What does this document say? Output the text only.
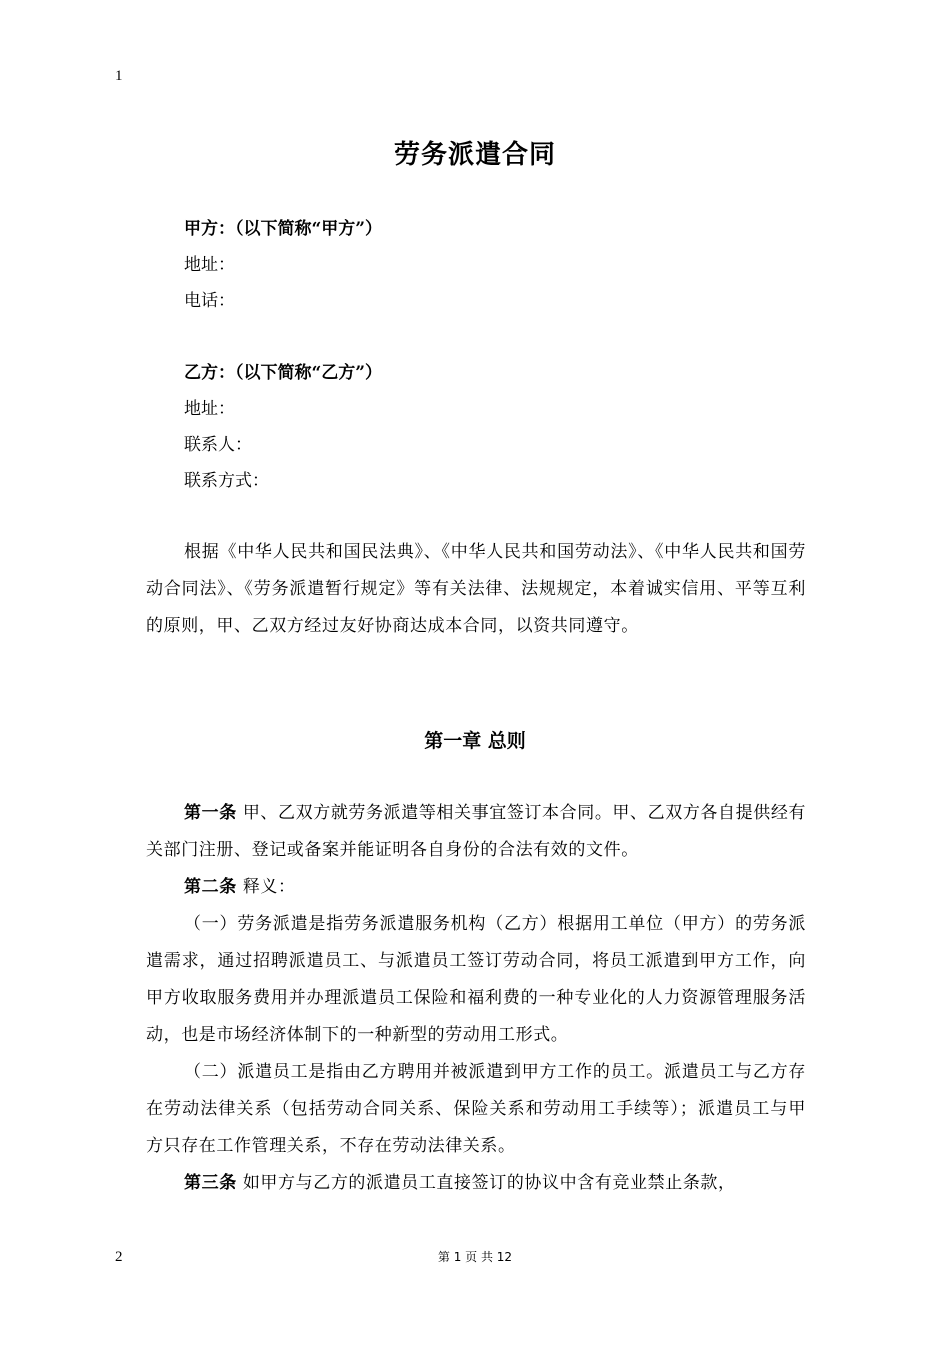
1
劳务派遣合同
甲方：（以下简称“甲方”）
地址：
电话：
乙方：（以下简称“乙方”）
地址：
联系人：
联系方式：
根据《中华人民共和国民法典》、《中华人民共和国劳动法》、《中华人民共和国劳动合同法》、《劳务派遣暂行规定》等有关法律、法规规定，本着诚实信用、平等互利的原则，甲、乙双方经过友好协商达成本合同，以资共同遵守。
第一章 总则
第一条 甲、乙双方就劳务派遣等相关事宜签订本合同。甲、乙双方各自提供经有关部门注册、登记或备案并能证明各自身份的合法有效的文件。
第二条 释义：
（一）劳务派遣是指劳务派遣服务机构（乙方）根据用工单位（甲方）的劳务派遣需求，通过招聘派遣员工、与派遣员工签订劳动合同，将员工派遣到甲方工作，向甲方收取服务费用并办理派遣员工保险和福利费的一种专业化的人力资源管理服务活动，也是市场经济体制下的一种新型的劳动用工形式。
（二）派遣员工是指由乙方聘用并被派遣到甲方工作的员工。派遣员工与乙方存在劳动法律关系（包括劳动合同关系、保险关系和劳动用工手续等）；派遣员工与甲方只存在工作管理关系，不存在劳动法律关系。
第三条 如甲方与乙方的派遣员工直接签订的协议中含有竞业禁止条款，
2	第 1 页 共 12
